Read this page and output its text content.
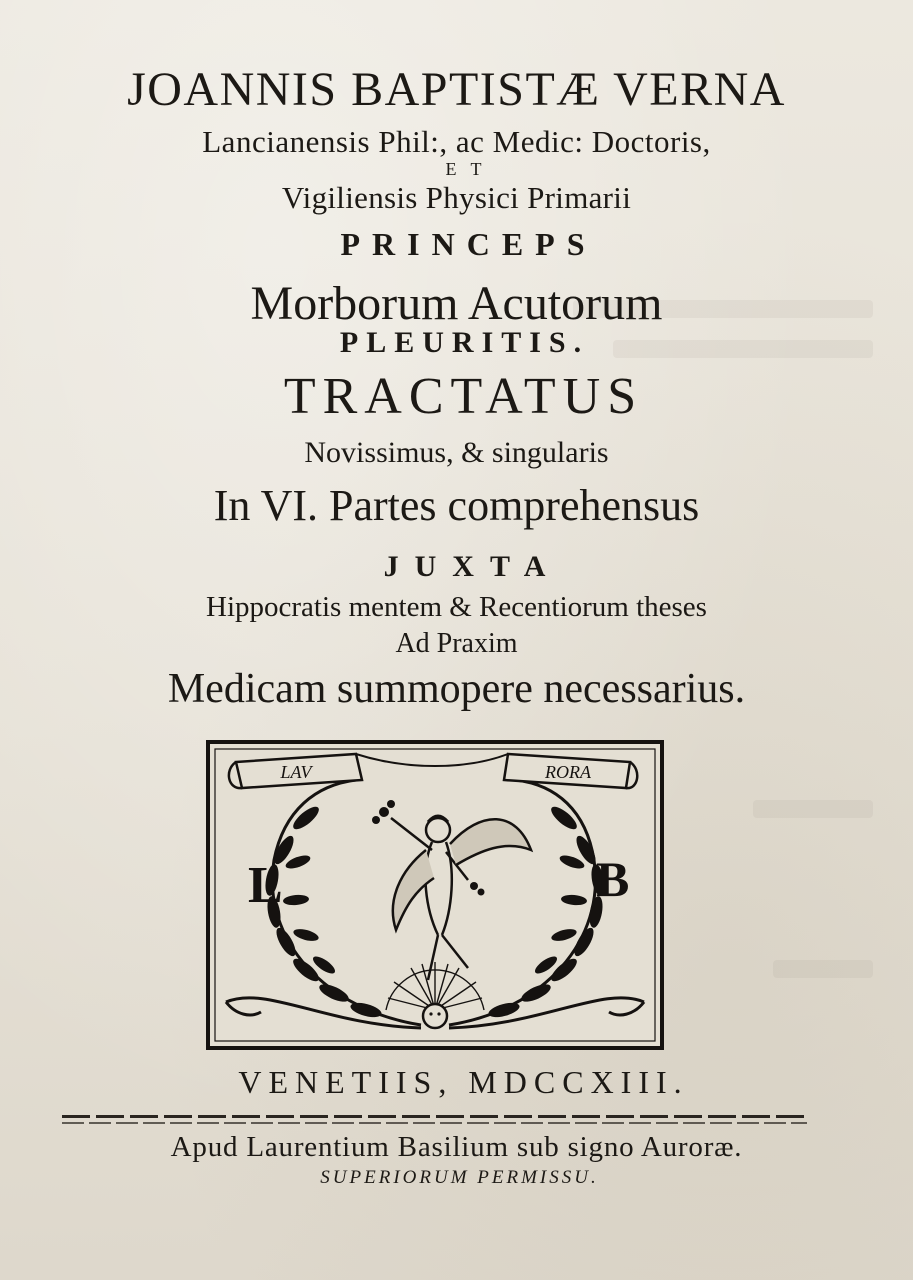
JOANNIS BAPTISTÆ VERNA
Lancianensis Phil:, ac Medic: Doctoris,
ET
Vigiliensis Physici Primarii
PRINCEPS
Morborum Acutorum
PLEURITIS.
TRACTATUS
Novissimus, & singularis
In VI. Partes comprehensus
JUXTA
Hippocratis mentem & Recentiorum theses
Ad Praxim
Medicam summopere necessarius.
LAV	RORA
L	B
VENETIIS, MDCCXIII.
Apud Laurentium Basilium sub signo Auroræ.
SUPERIORUM PERMISSU.
